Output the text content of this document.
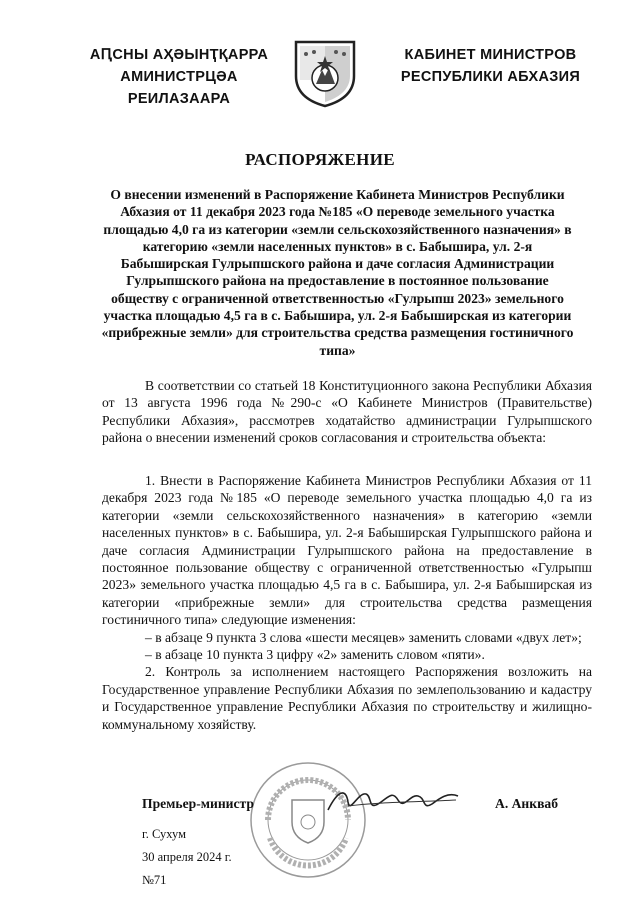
АԤСНЫ АҲӘЫНҬҚАРРА
АМИНИСТРЦӘА РЕИЛАЗААРА
КАБИНЕТ МИНИСТРОВ
РЕСПУБЛИКИ АБХАЗИЯ
РАСПОРЯЖЕНИЕ
О внесении изменений в Распоряжение Кабинета Министров Республики Абхазия от 11 декабря 2023 года №185 «О переводе земельного участка площадью 4,0 га из категории «земли сельскохозяйственного назначения» в категорию «земли населенных пунктов» в с. Бабышира, ул. 2-я Бабыширская Гулрыпшского района и даче согласия Администрации Гулрыпшского района на предоставление в постоянное пользование обществу с ограниченной ответственностью «Гулрыпш 2023» земельного участка площадью 4,5 га в с. Бабышира, ул. 2-я Бабыширская из категории «прибрежные земли» для строительства средства размещения гостиничного типа»

В соответствии со статьей 18 Конституционного закона Республики Абхазия от 13 августа 1996 года №290-с «О Кабинете Министров (Правительстве) Республики Абхазия», рассмотрев ходатайство администрации Гулрыпшского района о внесении изменений сроков согласования и строительства объекта:

1. Внести в Распоряжение Кабинета Министров Республики Абхазия от 11 декабря 2023 года №185 «О переводе земельного участка площадью 4,0 га из категории «земли сельскохозяйственного назначения» в категорию «земли населенных пунктов» в с. Бабышира, ул. 2-я Бабыширская Гулрыпшского района и даче согласия Администрации Гулрыпшского района на предоставление в постоянное пользование обществу с ограниченной ответственностью «Гулрыпш 2023» земельного участка площадью 4,5 га в с. Бабышира, ул. 2-я Бабыширская из категории «прибрежные земли» для строительства средства размещения гостиничного типа» следующие изменения:

– в абзаце 9 пункта 3 слова «шести месяцев» заменить словами «двух лет»;

– в абзаце 10 пункта 3 цифру «2» заменить словом «пяти».

2. Контроль за исполнением настоящего Распоряжения возложить на Государственное управление Республики Абхазия по землепользованию и кадастру и Государственное управление Республики Абхазия по строительству и жилищно-коммунальному хозяйству.

Премьер-министр	А. Анкваб
г. Сухум
30 апреля 2024 г.
№71
